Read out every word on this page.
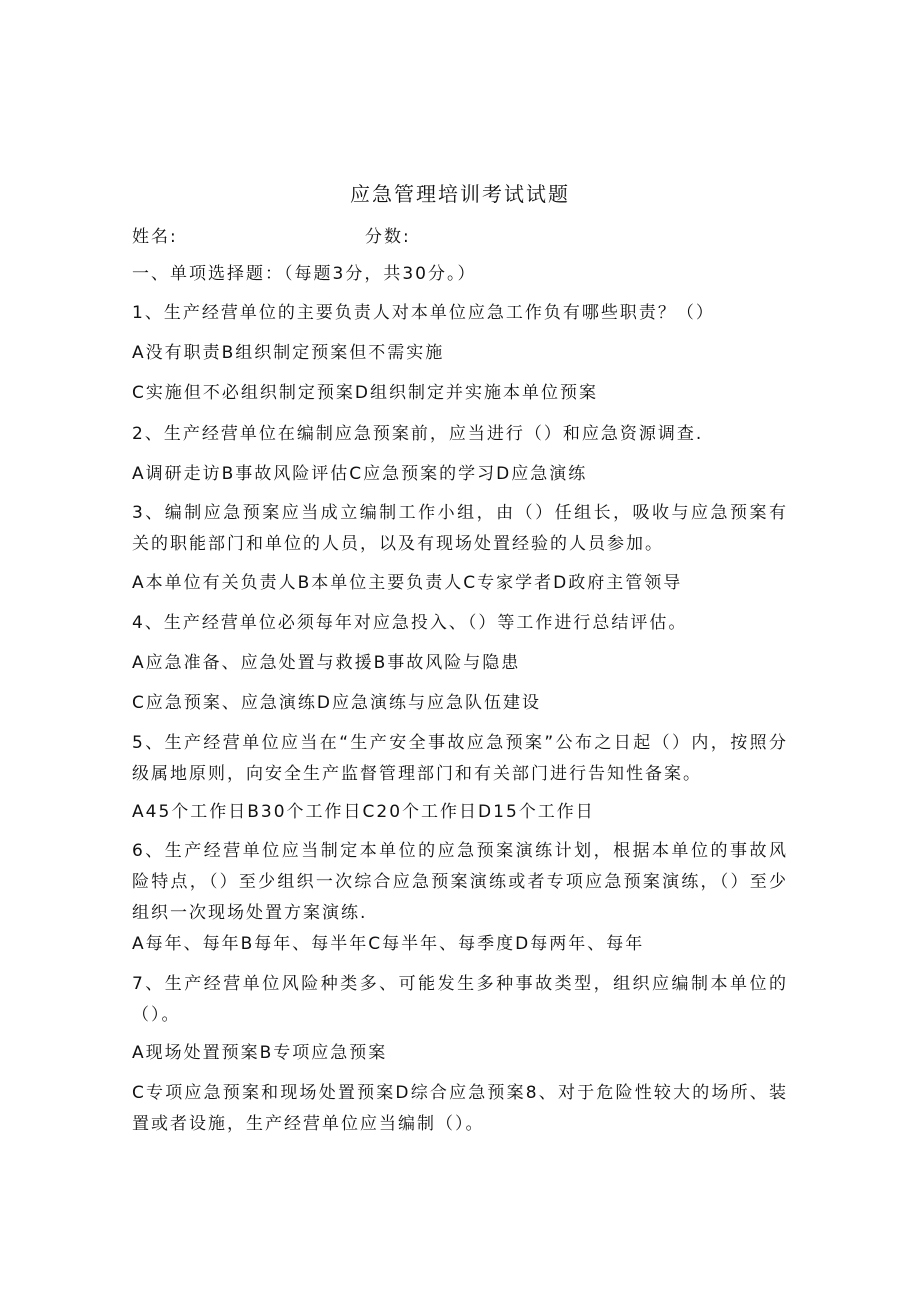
应急管理培训考试试题
姓名:	分数:
一、单项选择题：（每题3分，共30分。）
1、生产经营单位的主要负责人对本单位应急工作负有哪些职责？（）
A没有职责B组织制定预案但不需实施
C实施但不必组织制定预案D组织制定并实施本单位预案
2、生产经营单位在编制应急预案前，应当进行（）和应急资源调查.
A调研走访B事故风险评估C应急预案的学习D应急演练
3、编制应急预案应当成立编制工作小组，由（）任组长，吸收与应急预案有关的职能部门和单位的人员，以及有现场处置经验的人员参加。
A本单位有关负责人B本单位主要负责人C专家学者D政府主管领导
4、生产经营单位必须每年对应急投入、（）等工作进行总结评估。
A应急准备、应急处置与救援B事故风险与隐患
C应急预案、应急演练D应急演练与应急队伍建设
5、生产经营单位应当在“生产安全事故应急预案”公布之日起（）内，按照分级属地原则，向安全生产监督管理部门和有关部门进行告知性备案。
A45个工作日B30个工作日C20个工作日D15个工作日
6、生产经营单位应当制定本单位的应急预案演练计划，根据本单位的事故风险特点，（）至少组织一次综合应急预案演练或者专项应急预案演练，（）至少组织一次现场处置方案演练.
A每年、每年B每年、每半年C每半年、每季度D每两年、每年
7、生产经营单位风险种类多、可能发生多种事故类型，组织应编制本单位的（）。
A现场处置预案B专项应急预案
C专项应急预案和现场处置预案D综合应急预案8、对于危险性较大的场所、装置或者设施，生产经营单位应当编制（）。
